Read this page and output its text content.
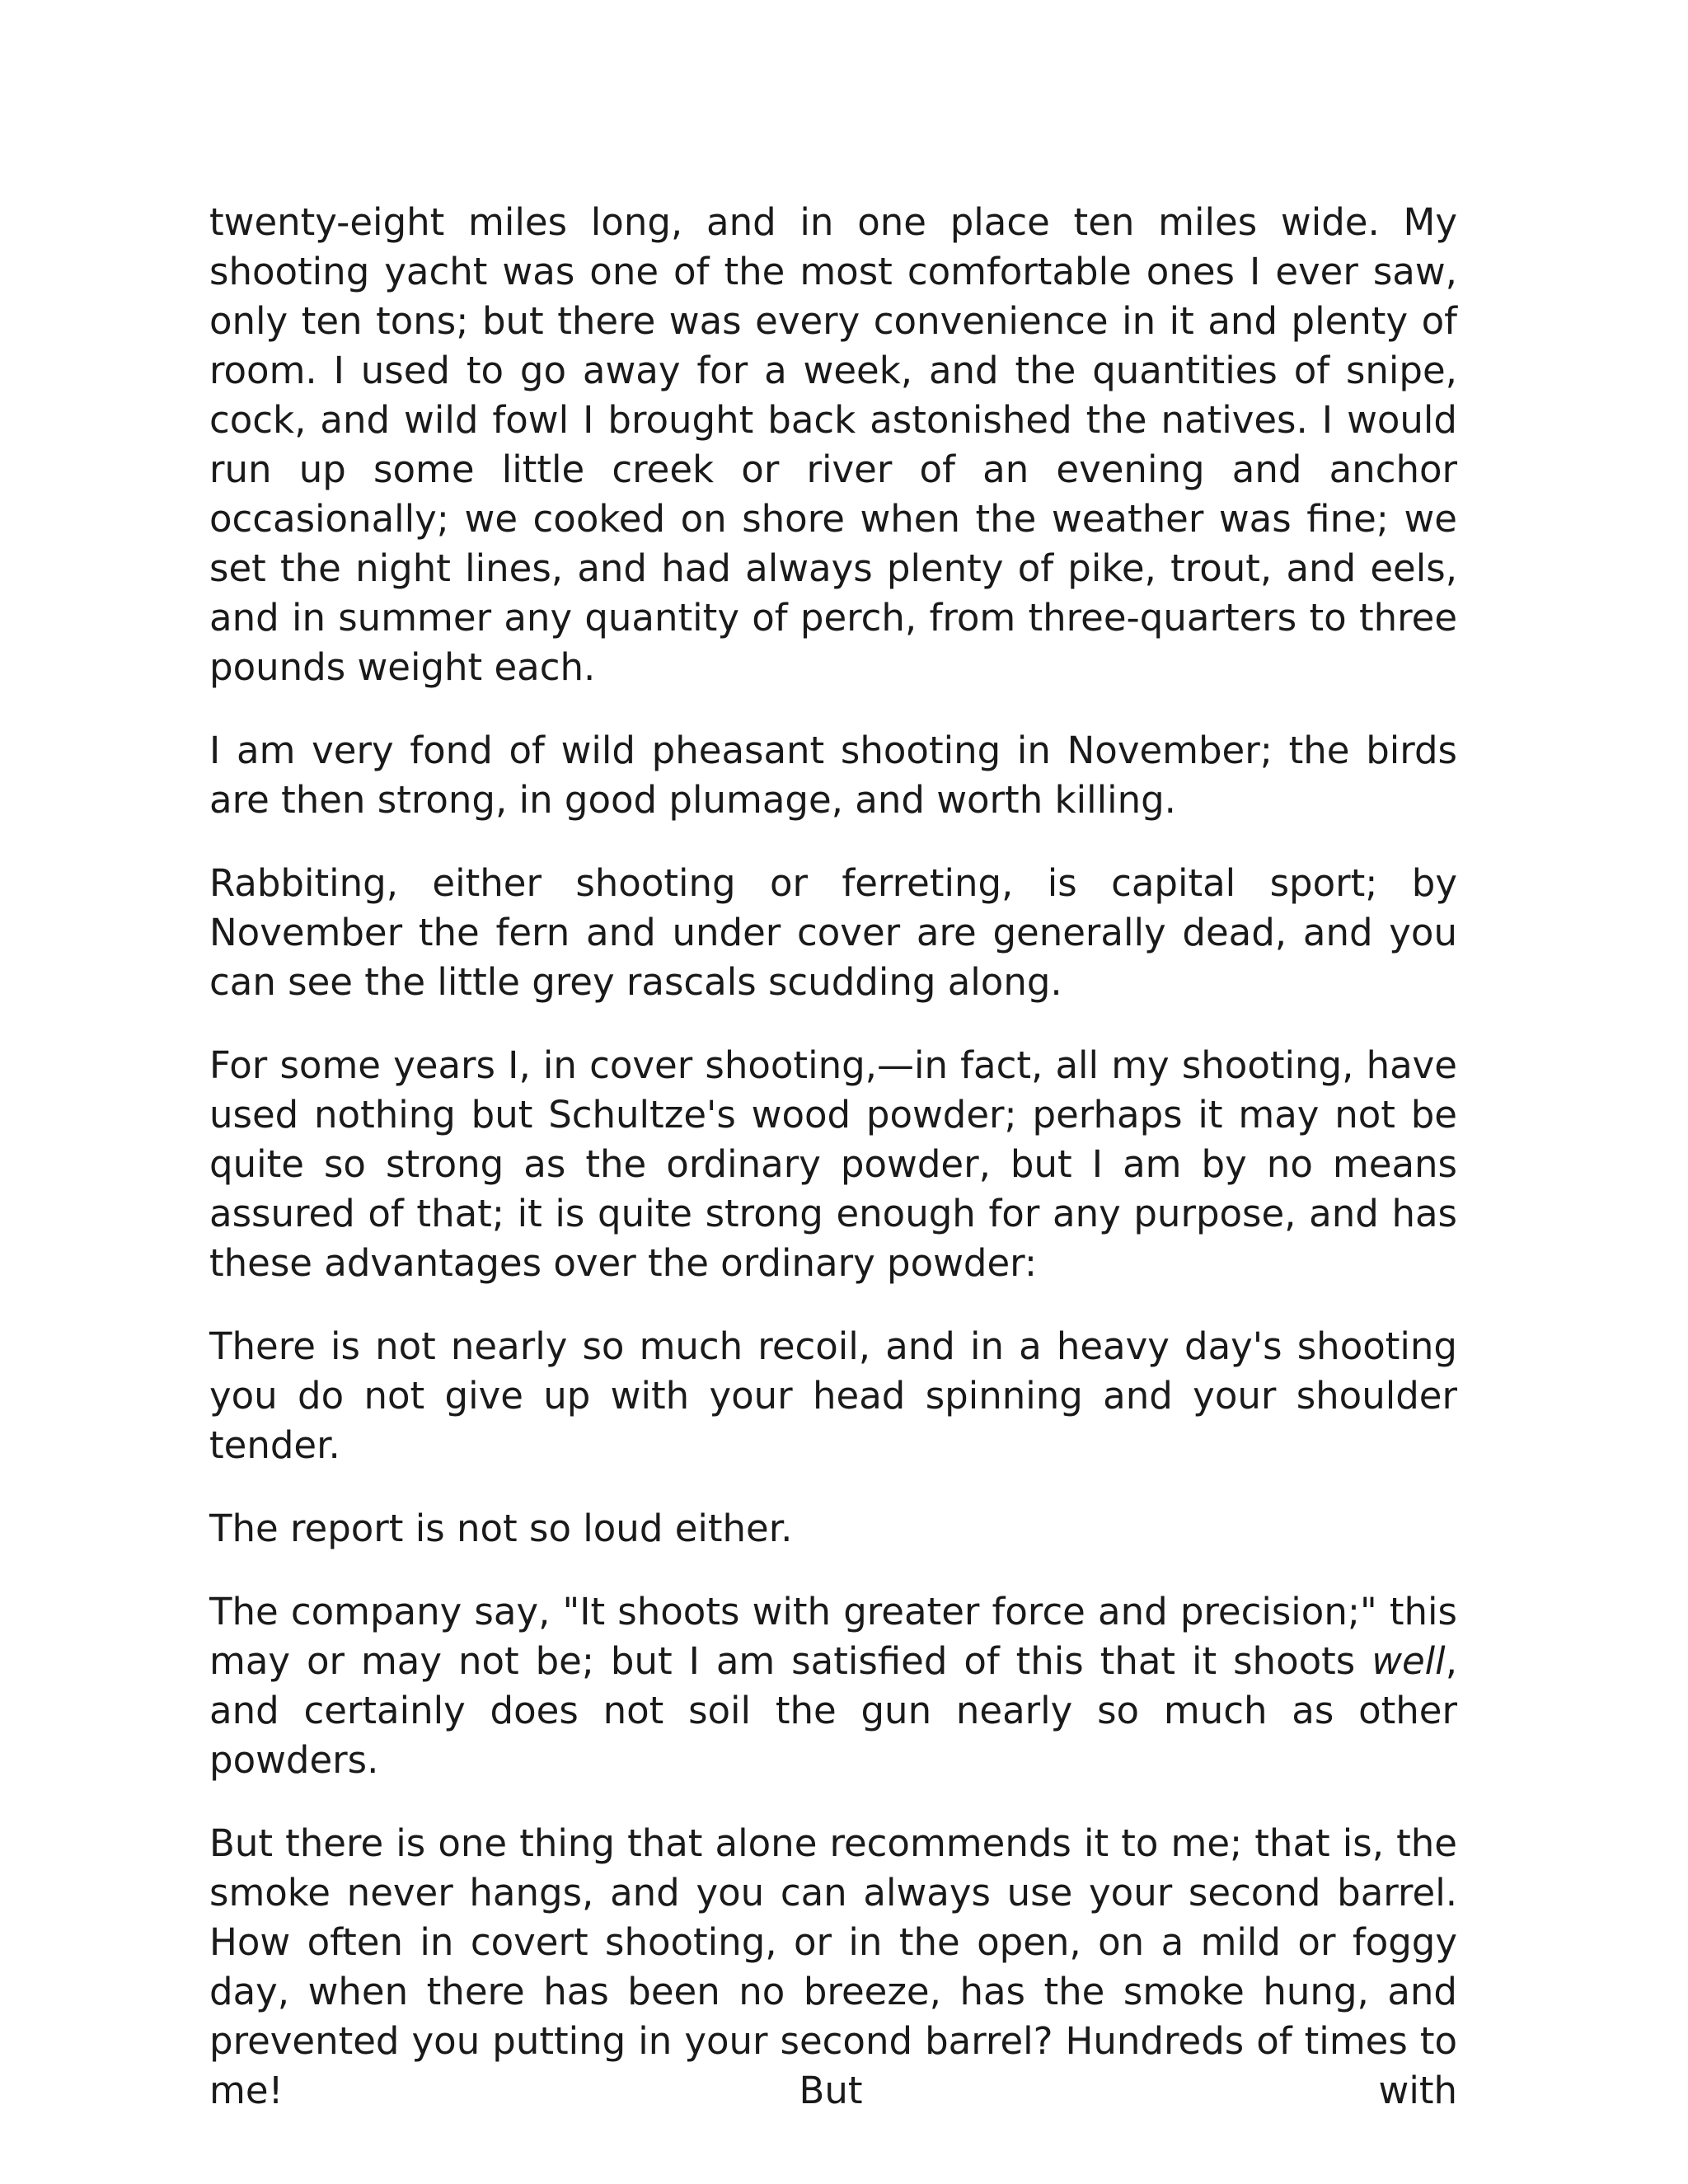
twenty-eight miles long, and in one place ten miles wide. My shooting yacht was one of the most comfortable ones I ever saw, only ten tons; but there was every convenience in it and plenty of room. I used to go away for a week, and the quantities of snipe, cock, and wild fowl I brought back astonished the natives. I would run up some little creek or river of an evening and anchor occasionally; we cooked on shore when the weather was fine; we set the night lines, and had always plenty of pike, trout, and eels, and in summer any quantity of perch, from three-quarters to three pounds weight each.

I am very fond of wild pheasant shooting in November; the birds are then strong, in good plumage, and worth killing.

Rabbiting, either shooting or ferreting, is capital sport; by November the fern and under cover are generally dead, and you can see the little grey rascals scudding along.

For some years I, in cover shooting,—in fact, all my shooting, have used nothing but Schultze's wood powder; perhaps it may not be quite so strong as the ordinary powder, but I am by no means assured of that; it is quite strong enough for any purpose, and has these advantages over the ordinary powder:

There is not nearly so much recoil, and in a heavy day's shooting you do not give up with your head spinning and your shoulder tender.

The report is not so loud either.

The company say, "It shoots with greater force and precision;" this may or may not be; but I am satisfied of this that it shoots well, and certainly does not soil the gun nearly so much as other powders.

But there is one thing that alone recommends it to me; that is, the smoke never hangs, and you can always use your second barrel. How often in covert shooting, or in the open, on a mild or foggy day, when there has been no breeze, has the smoke hung, and prevented you putting in your second barrel? Hundreds of times to me! But with
